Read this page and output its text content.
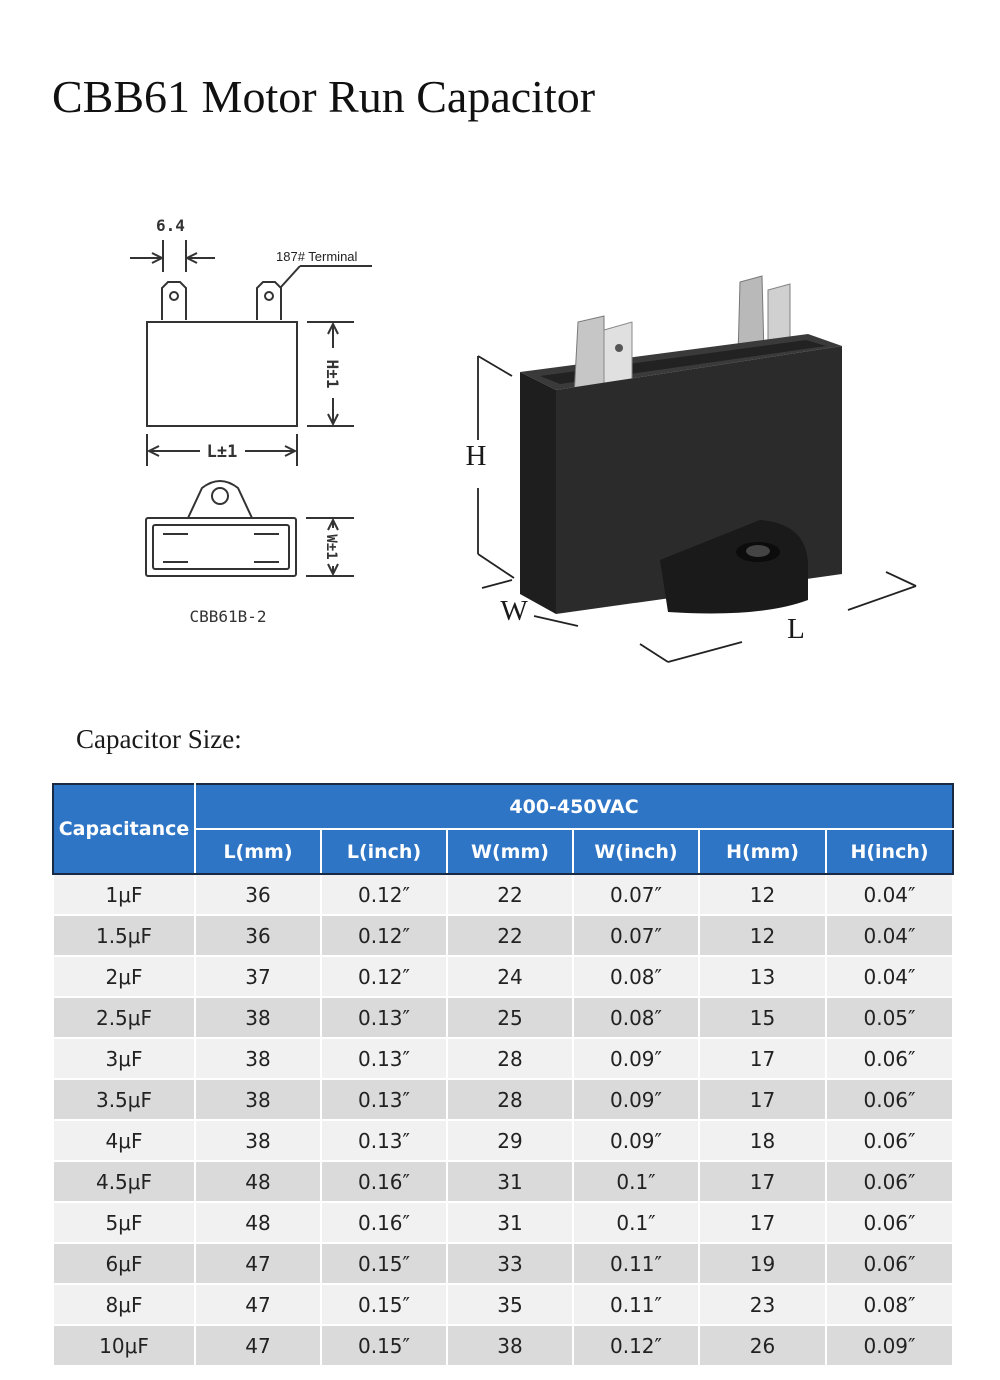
CBB61 Motor Run Capacitor
6.4
187# Terminal
H±1
L±1
W±1
CBB61B-2
H
W
L
Capacitor Size:
Capacitance	400-450VAC					
	L(mm)	L(inch)	W(mm)	W(inch)	H(mm)	H(inch)
1μF	36	0.12″	22	0.07″	12	0.04″
1.5μF	36	0.12″	22	0.07″	12	0.04″
2μF	37	0.12″	24	0.08″	13	0.04″
2.5μF	38	0.13″	25	0.08″	15	0.05″
3μF	38	0.13″	28	0.09″	17	0.06″
3.5μF	38	0.13″	28	0.09″	17	0.06″
4μF	38	0.13″	29	0.09″	18	0.06″
4.5μF	48	0.16″	31	0.1″	17	0.06″
5μF	48	0.16″	31	0.1″	17	0.06″
6μF	47	0.15″	33	0.11″	19	0.06″
8μF	47	0.15″	35	0.11″	23	0.08″
10μF	47	0.15″	38	0.12″	26	0.09″
